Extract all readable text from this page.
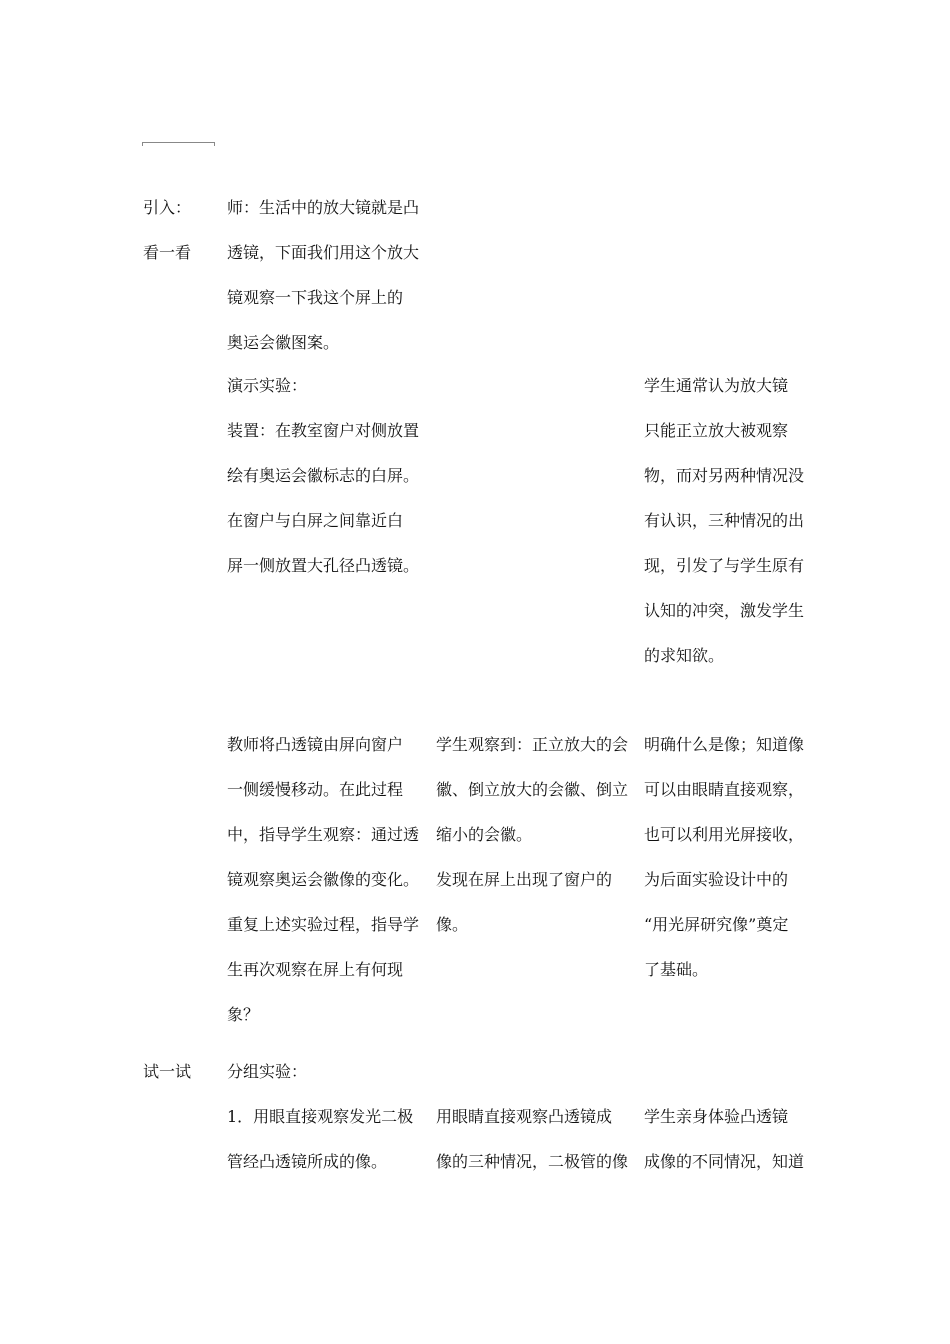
引入：
看一看
师：生活中的放大镜就是凸
透镜，下面我们用这个放大
镜观察一下我这个屏上的
奥运会徽图案。
演示实验：
装置：在教室窗户对侧放置
绘有奥运会徽标志的白屏。
在窗户与白屏之间靠近白
屏一侧放置大孔径凸透镜。
学生通常认为放大镜
只能正立放大被观察
物，而对另两种情况没
有认识，三种情况的出
现，引发了与学生原有
认知的冲突，激发学生
的求知欲。
教师将凸透镜由屏向窗户
一侧缓慢移动。在此过程
中，指导学生观察：通过透
镜观察奥运会徽像的变化。
重复上述实验过程，指导学
生再次观察在屏上有何现
象？
学生观察到：正立放大的会
徽、倒立放大的会徽、倒立
缩小的会徽。
发现在屏上出现了窗户的
像。
明确什么是像；知道像
可以由眼睛直接观察，
也可以利用光屏接收，
为后面实验设计中的
“用光屏研究像”奠定
了基础。
试一试	分组实验：
1．用眼直接观察发光二极
管经凸透镜所成的像。
用眼睛直接观察凸透镜成
像的三种情况，二极管的像
学生亲身体验凸透镜
成像的不同情况，知道
